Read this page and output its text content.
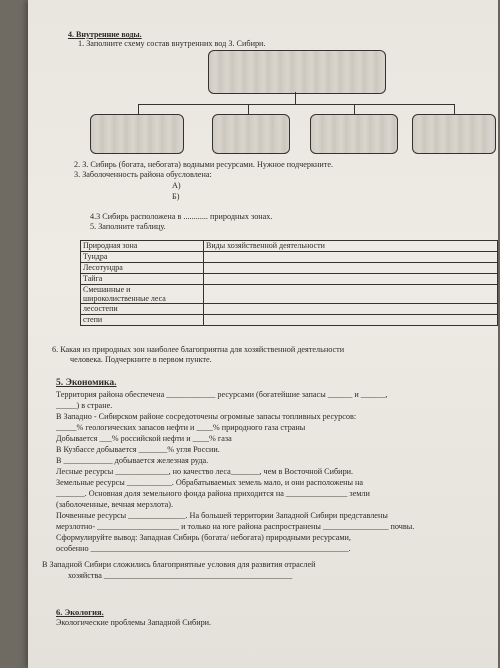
4. Внутренние воды.
1. Заполните схему состав внутренних вод З. Сибири.
2. З. Сибирь (богата, небогата) водными ресурсами. Нужное подчеркните.
3. Заболоченность района обусловлена:
А)
Б)
4.3 Сибирь расположена в ............ природных зонах.
5. Заполните таблицу.
Природная зона	Виды хозяйственной деятельности
Тундра	
Лесотундра	
Тайга	
Смешанные и
широколиственные леса	
лесостепи	
степи	
6. Какая из природных зон наиболее благоприятна для хозяйственной деятельности
человека. Подчеркните в первом пункте.
5. Экономика.
Территория района обеспечена ____________ ресурсами (богатейшие запасы ______ и ______,
_____) в стране.
В Западно - Сибирском районе сосредоточены огромные запасы топливных ресурсов:
_____% геологических запасов нефти и ____% природного газа страны
Добывается ___% российской нефти и ____% газа
В Кузбассе добывается _______% угля России.
В ____________ добывается железная руда.
Лесные ресурсы _____________, но качество леса_______, чем в Восточной Сибири.
Земельные ресурсы ___________. Обрабатываемых земель мало, и они расположены на
_______. Основная доля земельного фонда района приходится на _______________ земли
(заболоченные, вечная мерзлота).
Почвенные ресурсы ______________. На большей территории Западной Сибири представлены
мерзлотно- ____________________ и только на юге района распространены ________________ почвы.
Сформулируйте вывод: Западная Сибирь (богата/ небогата) природными ресурсами,
особенно _______________________________________________________________.
В Западной Сибири сложились благоприятные условия для развития отраслей
хозяйства ______________________________________________
6. Экология.
Экологические проблемы Западной Сибири.
